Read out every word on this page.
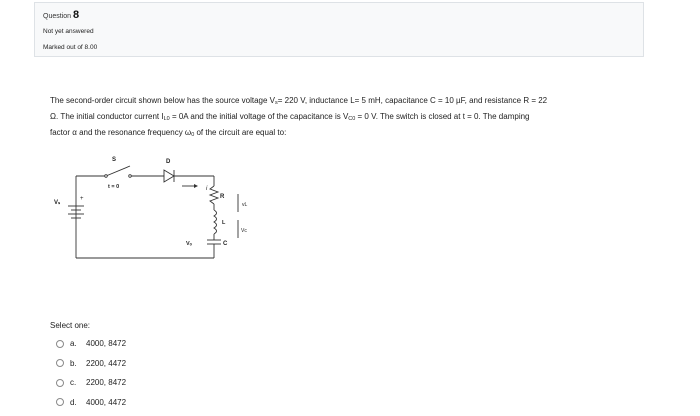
Question 8
Not yet answered
Marked out of 8.00
The second-order circuit shown below has the source voltage Vs= 220 V, inductance L= 5 mH, capacitance C = 10 µF, and resistance R = 22
Ω. The initial conductor current IL0 = 0A and the initial voltage of the capacitance is VC0 = 0 V. The switch is closed at t = 0. The damping
factor α and the resonance frequency ω0 of the circuit are equal to:
S
t = 0
D
i
Vₛ
+	R
L
vL
C
Vc
Vₒ
Select one:
a.	4000, 8472
b.	2200, 4472
c.	2200, 8472
d.	4000, 4472
